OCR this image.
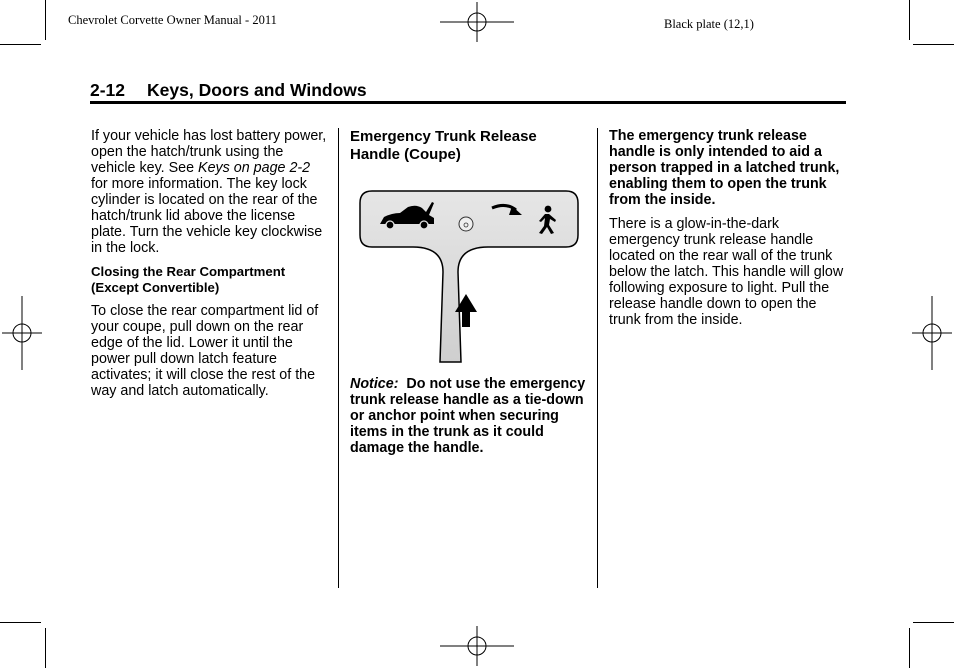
Chevrolet Corvette Owner Manual - 2011	Black plate (12,1)
2-12 Keys, Doors and Windows

If your vehicle has lost battery power, open the hatch/trunk using the vehicle key. See Keys on page 2‑2 for more information. The key lock cylinder is located on the rear of the hatch/trunk lid above the license plate. Turn the vehicle key clockwise in the lock.

Closing the Rear Compartment (Except Convertible)

To close the rear compartment lid of your coupe, pull down on the rear edge of the lid. Lower it until the power pull down latch feature activates; it will close the rest of the way and latch automatically.

Emergency Trunk Release Handle (Coupe)

Notice: Do not use the emergency trunk release handle as a tie-down or anchor point when securing items in the trunk as it could damage the handle.

The emergency trunk release handle is only intended to aid a person trapped in a latched trunk, enabling them to open the trunk from the inside.

There is a glow-in-the-dark emergency trunk release handle located on the rear wall of the trunk below the latch. This handle will glow following exposure to light. Pull the release handle down to open the trunk from the inside.
